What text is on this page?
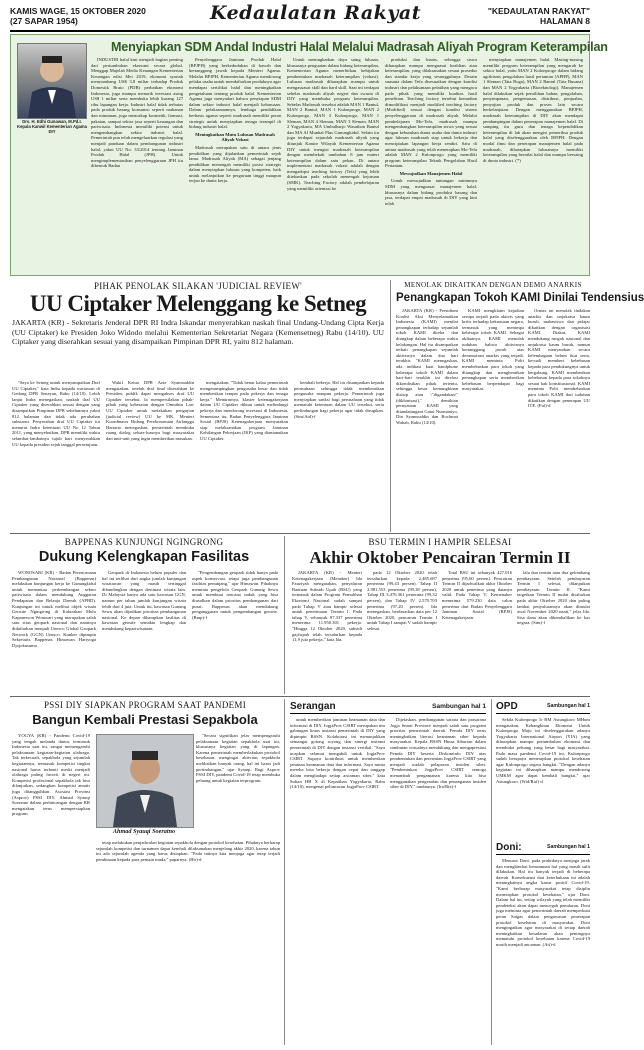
KAMIS WAGE, 15 OKTOBER 2020
(27 SAPAR 1954)	Kedaulatan Rakyat	"KEDAULATAN RAKYAT"
HALAMAN 8
Menyiapkan SDM Andal Industri Halal Melalui Madrasah Aliyah Program Keterampilan
Drs. H. Edhi Gunawan, M.Pd.I. Kepala Kanwil Kementerian Agama DIY

INDUSTRI halal kini menjadi bagian penting dari pertumbuhan ekonomi secara global. Menggap Majelah Media Keuangan Kementerian Keuangan edisi Mei 2019, ekonomi syariah menyumbang US$ 3,8 miliar terhadap Produk Domestik Bruto (PDB) perbaikan ekonomi Indonesia, juga mampu menarik investasi asing US$ 1 miliar serta membuka lebih kurang 127 ribu lapangan kerja. Industri halal tidak terbatas pada produk barang konsumsi seperti makanan dan minuman, juga mencakup kosmetik, farmasi, pakaian, sampai sektor jasa seperti keuangan dan pariwisata. Indonesia memiliki potensi untuk mengembangkan sektor industri halal. Pemerintah pun telah mengeluarkan regulasi yang menjadi panduan dalam pembangunan industri halal, yakni UU No. 33/2014 tentang Jaminan Produk Halal (JPH). Untuk mengimplementasikan penyelenggaraan JPH itu dibentuk Badan

Penyelenggara Jaminan Produk Halal (BPJPH) yang berkedudukan di bawah dan bertanggung jawab kepada Menteri Agama. Melalui BPJPH, Kementerian Agama mendorong pelaku usaha untuk mendaftarkan produknya agar mendapat sertifikat halal dan meningkatkan pengetahuan tentang produk halal. Kementerian Agama juga menyadari bahwa penyiapan SDM dalam sektor industri halal menjadi keharusan. Dalam pelaksanaannya, lembaga pendidikan berbasis agama seperti madrasah memiliki peran strategis untuk menyiapkan tenaga terampil di bidang industri halal.

Meningkatkan Mutu Lulusan Madrasah Aliyah Vokasi

Madrasah merupakan satu di antara jenis pendidikan yang dijalankan pemerintah sejak lama. Madrasah Aliyah (MA) sebagai jenjang pendidikan menengah memiliki posisi strategis dalam menyiapkan lulusan yang kompeten, baik untuk melanjutkan ke perguruan tinggi maupun terjun ke dunia kerja.

Untuk meningkatkan daya saing lulusan, khususnya penguatan dalam bidang keterampilan, Kementerian Agama menerbitkan kebijakan pembentukan madrasah keterampilan (vokasi). Lulusan madrasah diharapkan mampu untuk mengasuasai skill dan hard skill. Saat ini terdapat sebelas madrasah aliyah negeri dan swasta di DIY yang membuka program keterampilan. Sebelas Madrasah tersebut adalah MAN 1 Bantul, MAN 2 Bantul, MAN 1 Kulonprogo, MAN 2 Kulonprogo, MAN 3 Kulonprogo, MAN 1 Sleman, MAN 4 Sleman, MAN 3 Sleman, MAN 2 Yogyakarta, MA Umbulharjo Wasathon Bantul dan MA Al Munhal Plus Gunungkidul. Selain itu juga terdapat sejumlah madrasah aliyah yang ditunjuk Kantor Wilayah Kementerian Agama DIY untuk mengisi madrasah keterampilan dengan membekali tambahan 8 jam materi keterampilan dalam satu pekan. Di antara implementasi madrasah vokasi adalah dengan mengadopsi teaching factory (Tefa) yang lebih ditekankan pada sekolah menengah kejuruan (SMK). Teaching Factory adalah pembelajaran yang memiliki orientasi ke

produksi dan bisnis, sehingga siswa diharapkan mampu menguasai keahlian atau keterampilan, yang dilaksanakan sesuai prosedur dan standar kerja yang sesungguhnya. Desain suasana dalam Tefa disesuaikan dengan kondisi industri dan pelaksanaan pelatihan yang mengacu pada pihak yang memiliki kualitas hasil penelitian. Teaching factory tersebut kemudian dimodifikasi menjadi modified teaching factory (Modified) sesuai dengan kondisi sistem penyelenggaraan di madrasah aliyah. Melalui pembelajaran Mo-Tefa, madrasah mampu mengembangkan keterampilan siswa yang sesuai dengan kebutuhan dunia usaha dan dunia industri agar lulusan madrasah siap untuk bekerja dan menciptakan lapangan kerja sendiri. Satu di antara madrasah yang telah menerapkan Mo-Tefa adalah MAN 2 Kulonprogo yang memiliki program keterampilan Teknik Pengolahan Hasil Pertanian.

Mewujudkan Manajemen Halal

Untuk mewujudkan tantangan minimnya SDM yang menguasai manajemen halal, khususnya dalam bidang produksi barang dan jasa, terdapat empat madrasah di DIY yang kini telah

menyiapkan manajemen halal. Masing-masing memiliki program keterampilan yang mengarah ke sektor halal, yaitu MAN 2 Kulonprogo dalam bidang agribisnis pengolahan hasil pertanian (APHP), MAN 1 Sleman (Tata Boga), MAN 2 Bantul (Tata Busana) dan MAN 2 Yogyakarta (Bioteknologi). Manajemen halal dilakukan sejak pemilihan bahan, pengolahan, penyimpanan, pengemasan, distribusi, penjualan, penyajian produk dan proses lain secara berkelanjutan. Dengan menggunakan BPJPH, madrasah keterampilan di DIY akan mendapat pendampingan dalam penerapan manajemen halal. Di samping itu guru dan tenaga kependidikan keterampilan di lab akan mengisi pemeriksa produk halal yang diselenggarakan oleh BPJPH. Dengan modal ilmu dan penerapan manajemen halal pada madrasah, diharapkan lulusannya memiliki keterampilan yang bernilai halal dan mampu bersaing di dunia industri. (*)

PIHAK PENOLAK SILAKAN 'JUDICIAL REVIEW'
UU Ciptaker Melenggang ke Setneg
JAKARTA (KR) - Sekretaris Jenderal DPR RI Indra Iskandar menyerahkan naskah final Undang-Undang Cipta Kerja (UU Ciptaker) ke Presiden Joko Widodo melalui Kementerian Sekretariat Negara (Kemensetneg) Rabu (14/10). UU Ciptaker yang diserahkan sesuai yang disampaikan Pimpinan DPR RI, yaitu 812 halaman.

"Saya ke Setneg untuk menyampaikan Draf UU Ciptaker," kata Indra kepada wartawan di Gedung DPR Senayan, Rabu (14/10). Lebih lanjut Indra menegaskan, naskah draf UU Ciptaker yang diserahkan sesuai dengan yang disampaikan Pimpinan DPR sebelumnya yakni 812 halaman dan tidak ada perubahan substansi. Penyerahan draf UU Ciptaker itu menurut Indra ketentuan UU No 12 Tahun 2011, yang menyebutkan, DPR memiliki waktu selambat-lambatnya tujuh hari menyerahkan UU kepada presiden sejak tanggal persetujuan.

Wakil Ketua DPR Aziz Syamsuddin mengatakan, setelah draf final diserahkan ke Presiden, publik dapat mengakses draf UU Ciptaker tersebut. Ia mempersilakan pihak-pihak yang keberatan dengan Omnibus Law UU Ciptaker untuk melakukan pengujian (judicial review) UU ke MK. Menteri Koordinator Bidang Perekonomian Airlangga Hartarto menegaskan, pemerintah membuka ruang dialog seluas-luasnya bagi masyarakat dan unit-unit yang ingin memberikan masukan.

mengatakan, "Tidak benar kalau pemerintah mengesampingkan pengusaha besar dan tidak memberikan tempat pada pekerja dan tenaga kerja." Menurutnya, klaster ketenagakerjaan dalam UU Ciptaker dibuat untuk melindungi pekerja dan mendorong investasi di Indonesia. Sementara itu, Badan Penyelenggara Jaminan Sosial (BPJS) Ketenagakerjaan menyatakan siap melaksanakan program Jaminan Kehilangan Pekerjaan (JKP) yang diamanatkan UU Ciptaker.

kembali bekerja. Hal itu disampaikan kepada perusahaan sehingga tidak memberatkan pengusaha maupun pekerja. Pemerintah juga menyiapkan sanksi bagi perusahaan yang tidak mematuhi ketentuan dalam UU tersebut, serta perlindungan bagi pekerja agar tidak dirugikan. (Sim/Atd)-f

MENOLAK DIKAITKAN DENGAN DEMO ANARKIS
Penangkapan Tokoh KAMI Dinilai Tendensius

JAKARTA (KR) - Presidium Koalisi Aksi Menyelamatkan Indonesia (KAMI) menilai penangkapan terhadap sejumlah tokoh KAMI direka dan diungkap dalam beberapa waktu belakangan. Hal itu disampaikan terkait penangkapan sejumlah aktivisnya dalam dua hari terakhir. "KAMI menegaskan, ada indikasi kuat handphone beberapa tokoh KAMI dalam hari-hari terakhir ini direlasi dikondisikan pihak tertentu, sehingga besar kemungkinan disisip atau \"digandakan\" (diklonisasi)," demikian pernyataan KAMI yang ditandatangani Gatot Nurmantyo, Din Syamsuddin dan Rochmat Wahab, Rabu (14/10).

KAMI mengklaim kejadian serupa terjadi pada aktivis yang kritis terhadap kekuasaan negara, termasuk yang menimpa beberapa tokoh KAMI. Sebagai akibatnya, KAMI menolak tuduhan bahwa aktivisnya bertanggung jawab atas demonstrasi anarkis yang terjadi. KAMI meminta Polri membebaskan para tokoh yang ditangkap dan menghentikan penangkapan serta memberikan kebebasan berpendapat bagi masyarakat.

Ormas ini menolak tindakan anarkis dan unjukrasa kaum buruh, mahasiswa dan pelajar dikaitkan dengan organisasi KAMI. Diakui, KAMI mendukung mogok nasional dan unjukrasa kaum buruh, namun KAMI menyatakan secara kelembagaan belum ikut serta, kecuali memberi kebebasan kepada para pendukungnya untuk bergabung. KAMI memberikan kebebasan kepada para tokohnya sesuai hak konstitusional. KAMI meminta Polri membebaskan para tokoh KAMI dari tuduhan dikaitkan dengan penerapan UU ITE. (Ful)-d

BAPPENAS KUNJUNGI NGINGRONG
Dukung Kelengkapan Fasilitas

WONOSARI (KR) - Badan Perencanaan Pembangunan Nasional (Bappenas) melakukan kunjungan kerja ke Gunungkidul untuk memantau perkembangan sektor pariwisata dalam mendukung Anggaran Pendapatan dan Belanja Daerah (APBD). Kunjungan ini untuk melihat objek wisata Geosite Ngingrong di Kalurahan Mulo Kapanewon Wonosari yang merupakan salah satu situs geopark nasional dan nantinya didaftarkan menjadi Unesco Global Geopark Network (GGN) Unesco. Kunker dipimpin Sekretaris Bappenas Himawan Hariyoga Djojokusumo.

Geopark di Indonesia belum populer dan hal ini terlihat dari angka jumlah kunjungan wisatawan yang masih tertinggal dibandingkan dengan destinasi wisata lain. Di Malaysia hanya ada satu kawasan GGN, namun per tahun jumlah kunjungan wisata lebih dari 4 juta. Untuk itu, kawasan Gunung Sewu akan dijadikan prioritas pembangunan nasional. Ke depan diharapkan fasilitas di kawasan geosite semakin lengkap dan mendukung kepariwisataan.

"Pengembangan geopark tidak hanya pada aspek konservasi, tetapi juga pembangunan fasilitas penunjang," ujar Himawan. Pihaknya meminta pengelola Geopark Gunung Sewu untuk membuat rencana induk yang bisa diusulkan dalam prioritas pembangunan dari pusat. Bappenas akan mendukung penganggaran untuk pengembangan geosite. (Bmp)-f

BSU TERMIN I HAMPIR SELESAI
Akhir Oktober Pencairan Termin II

JAKARTA (KR) - Menteri Ketenagakerjaan (Menaker) Ida Fauziyah mengatakan, penyaluran Bantuan Subsidi Upah (BSU) yang termasuk dalam Program Pemulihan Ekonomi Nasional sudah sampai pada Tahap V atau hampir selesai untuk penerimaan Termin I. Pada tahap V, sebanyak 97.337 penerima menerima 11.950.301 pekerja. "Hingga 12 Oktober 2020, subsidi gaji/upah telah tersalurkan kepada 11,9 juta pekerja," kata Ida.

pada 12 Oktober 2020 telah tersalurkan kepada 2,485.687 penerima (99,43 persen). Tahap II 2.981.553 penerima (99,38 persen), Tahap III 3.476.361 penerima (99,32 persen), dan Tahap IV 2.579.703 penerima (97,20 persen). Ida menegaskan, berdasarkan data per 12 Oktober 2020, pencairan Termin I untuk Tahap I sampai V sudah hampir selesai.

Total BSU ini sebanyak 427.016 penerima (95,60 persen). Pencairan Termin II dijadwalkan akhir Oktober 2020 untuk penerima yang datanya valid. Pada Tahap V, Kemenaker menerima 579.230 data calon penerima dari Badan Penyelenggara Jaminan Sosial (BPJS) Ketenagakerjaan.

lalu dua termin atau dua gelombang pembayaran. Setelah pembayaran Termin I selesai, dilanjutkan pembayaran Termin II. "Kami targetkan Termin II mulai disalurkan pada akhir Oktober 2020 dan paling lambat penyalurannya akan dimulai awal November 2020 nanti," jelas Ida. Sisa dana akan dikembalikan ke kas negara. (Sim)-f

PSSI DIY SIAPKAN PROGRAM SAAT PANDEMI
Bangun Kembali Prestasi Sepakbola

YOGYA (KR) - Pandemi Covid-19 yang tengah melanda dunia, termasuk Indonesia saat ini, sangat memengaruhi pelaksanaan kegiatan-kegiatan olahraga. Tak terkecuali, sepakbola yang sejumlah kegiatannya, termasuk kompetisi tingkat nasional harus terhenti meski menjadi olahraga paling favorit di negeri ini. Kompetisi profesional sepakbola tak bisa dilanjutkan, sedangkan kompetisi amatir juga ditangguhkan. Asosiasi Provinsi (Asprov) PSSI DIY, Ahmad Syauqi Soeratno dalam perbincangan dengan KR mengatakan terus mempersiapkan program.

Ahmad Syauqi Soeratno

"Secara signifikan jelas mempengaruhi pelaksanaan kegiatan sepakbola usai ini, khususnya kegiatan yang di lapangan. Karena pemerintah memberlakukan protokol kesehatan, mengingat aktivitas sepakbola melibatkan banyak orang, hal ini harus jadi pertimbangan," ujar Syauqi. Bagi Asprov PSSI DIY, pandemi Covid-19 tetap membuka peluang untuk kegiatan terprogram.

tetap melakukan penjadwalan kegiatan sepakbola dengan protokol kesehatan. Pihaknya berharap sejumlah kompetisi dan turnamen dapat kembali dilaksanakan menjelang akhir 2020, karena tahun ini ada sejumlah agenda yang harus disiapkan. "Pada intinya kita menjaga agar tetap terjadi pembinaan kepada para pemain muda," paparnya. (Hit)-d

Serangan	Sambungan hal 1

untuk memberikan jaminan keamanan data dan informasi di DIY. JogjaProv CSIRT merupakan tim gabungan lintas instansi pemerintah di DIY yang dipimpin BSSN. Kolaborasi ini menunjukkan semangat gotong royong dan sinergi instansi pemerintah di DIY dengan instansi vertikal. "Saya ucapkan selamat mengabdi untuk JogjaProv CSIRT. Supaya kontribusi untuk memberikan jaminan keamanan data dan informasi. Saya minta mereka bisa bekerja dengan cepat dan tanggap dalam menghadapi setiap ancaman siber," kata Sultan HB X di Kepatihan Yogyakarta, Rabu (14/10), mengenai peluncuran JogjaProv CSIRT.

Dijelaskan, pembangunan sarana dan prasarana Jogja Smart Province menjadi salah satu program prioritas pemerintah daerah. Pemda DIY terus meningkatkan literasi keamanan siber kepada masyarakat. Kepala BSSN Hinsa Siburian dalam sambutan virtualnya mendukung dan mengapresiasi Pemda DIY beserta Diskominfo DIY atas pembentukan dan peresmian JogjaProv CSIRT yang menjadi wadah pelaporan insiden siber. "Pembentukan JogjaProv CSIRT semoga menambah pengamanan karena kita bisa menggunakan pengenalan dan penanganan insiden siber di DIY," tandasnya. (Ira/Riz)-f

OPD	Sambungan hal 1

Sekda Kulonprogo Ir RM Astungkoro MHum mengatakan, Kebangkitan Ekonomi Untuk Kulonprogo Maju ini diselenggarakan adanya Yogyakarta International Airport (YIA) yang diharapkan mampu pertumbuhan ekonomi dan membuka peluang yang besar bagi masyarakat. Pada masa pandemi Covid-19 ini, Kulonprogo sudah berupaya menerapkan protokol kesehatan agar Kulonprogo segera bangkit. "Dengan adanya kegiatan ini diharapkan mampu mendorong UMKM agar dapat kembali bangkit," ujar Astungkoro. (Wid/Ruf)-d

Doni:	Sambungan hal 1

Menurut Doni, pada praktiknya menjaga jarak dan menghindari kerumunan hal yang masih sulit dilakukan. Hal itu banyak terjadi di beberapa daerah. Konsekuensi dari keterbukaan ini adalah meningkatnya angka kasus positif Covid-19. "Kami berharap masyarakat tetap disiplin menerapkan protokol kesehatan," ujar Doni. Dalam hal ini, setiap wilayah yang telah memiliki pendeteksi akan dapat mencegah penularan. Doni juga meminta agar pemerintah daerah memperkuat peran Satgas dalam pengawasan penerapan protokol kesehatan di masyarakat. Doni mengingatkan agar masyarakat di setiap daerah meningkatkan kesadaran akan pentingnya mematuhi protokol kesehatan karena Covid-19 masih menjadi ancaman. (Ati)-d
